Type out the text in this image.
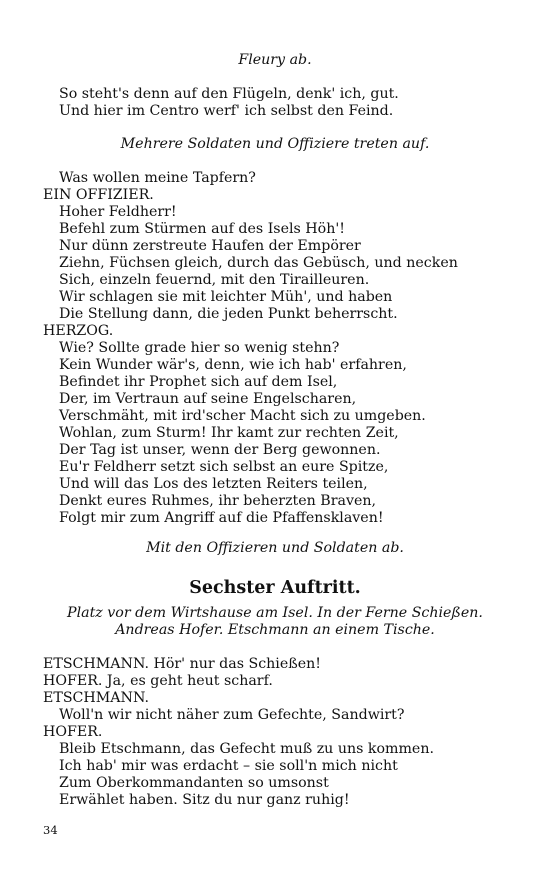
Fleury ab.
So steht's denn auf den Flügeln, denk' ich, gut.
Und hier im Centro werf' ich selbst den Feind.
Mehrere Soldaten und Offiziere treten auf.
Was wollen meine Tapfern?
EIN OFFIZIER.
Hoher Feldherr!
Befehl zum Stürmen auf des Isels Höh'!
Nur dünn zerstreute Haufen der Empörer
Ziehn, Füchsen gleich, durch das Gebüsch, und necken
Sich, einzeln feuernd, mit den Tirailleuren.
Wir schlagen sie mit leichter Müh', und haben
Die Stellung dann, die jeden Punkt beherrscht.
HERZOG.
Wie? Sollte grade hier so wenig stehn?
Kein Wunder wär's, denn, wie ich hab' erfahren,
Befindet ihr Prophet sich auf dem Isel,
Der, im Vertraun auf seine Engelscharen,
Verschmäht, mit ird'scher Macht sich zu umgeben.
Wohlan, zum Sturm! Ihr kamt zur rechten Zeit,
Der Tag ist unser, wenn der Berg gewonnen.
Eu'r Feldherr setzt sich selbst an eure Spitze,
Und will das Los des letzten Reiters teilen,
Denkt eures Ruhmes, ihr beherzten Braven,
Folgt mir zum Angriff auf die Pfaffensklaven!
Mit den Offizieren und Soldaten ab.
Sechster Auftritt.
Platz vor dem Wirtshause am Isel. In der Ferne Schießen.
Andreas Hofer. Etschmann an einem Tische.
ETSCHMANN. Hör' nur das Schießen!
HOFER. Ja, es geht heut scharf.
ETSCHMANN.
Woll'n wir nicht näher zum Gefechte, Sandwirt?
HOFER.
Bleib Etschmann, das Gefecht muß zu uns kommen.
Ich hab' mir was erdacht – sie soll'n mich nicht
Zum Oberkommandanten so umsonst
Erwählet haben. Sitz du nur ganz ruhig!
34
